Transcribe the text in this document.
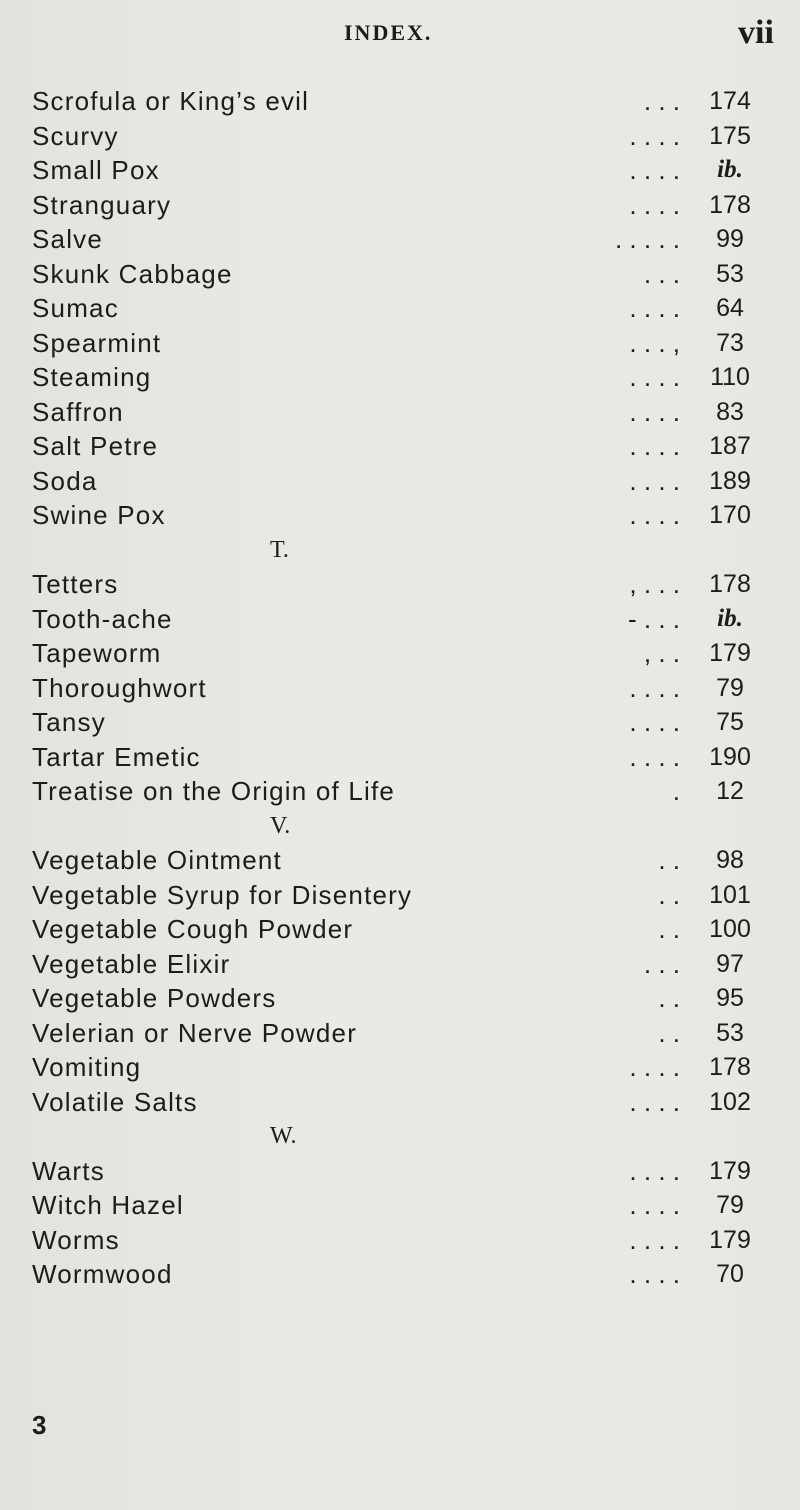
INDEX.	vii
Scrofula or King’s evil	. . .	174
Scurvy	. . . .	175
Small Pox	. . . .	ib.
Stranguary	. . . .	178
Salve	. . . . .	99
Skunk Cabbage	. . .	53
Sumac	. . . .	64
Spearmint	. . . ,	73
Steaming	. . . .	110
Saffron	. . . .	83
Salt Petre	. . . .	187
Soda	. . . .	189
Swine Pox	. . . .	170
T.
Tetters	, . . .	178
Tooth-ache	- . . .	ib.
Tapeworm	, . .	179
Thoroughwort	. . . .	79
Tansy	. . . .	75
Tartar Emetic	. . . .	190
Treatise on the Origin of Life	.	12
V.
Vegetable Ointment	. .	98
Vegetable Syrup for Disentery	. .	101
Vegetable Cough Powder	. .	100
Vegetable Elixir	. . .	97
Vegetable Powders	. .	95
Velerian or Nerve Powder	. .	53
Vomiting	. . . .	178
Volatile Salts	. . . .	102
W.
Warts	. . . .	179
Witch Hazel	. . . .	79
Worms	. . . .	179
Wormwood	. . . .	70
3
